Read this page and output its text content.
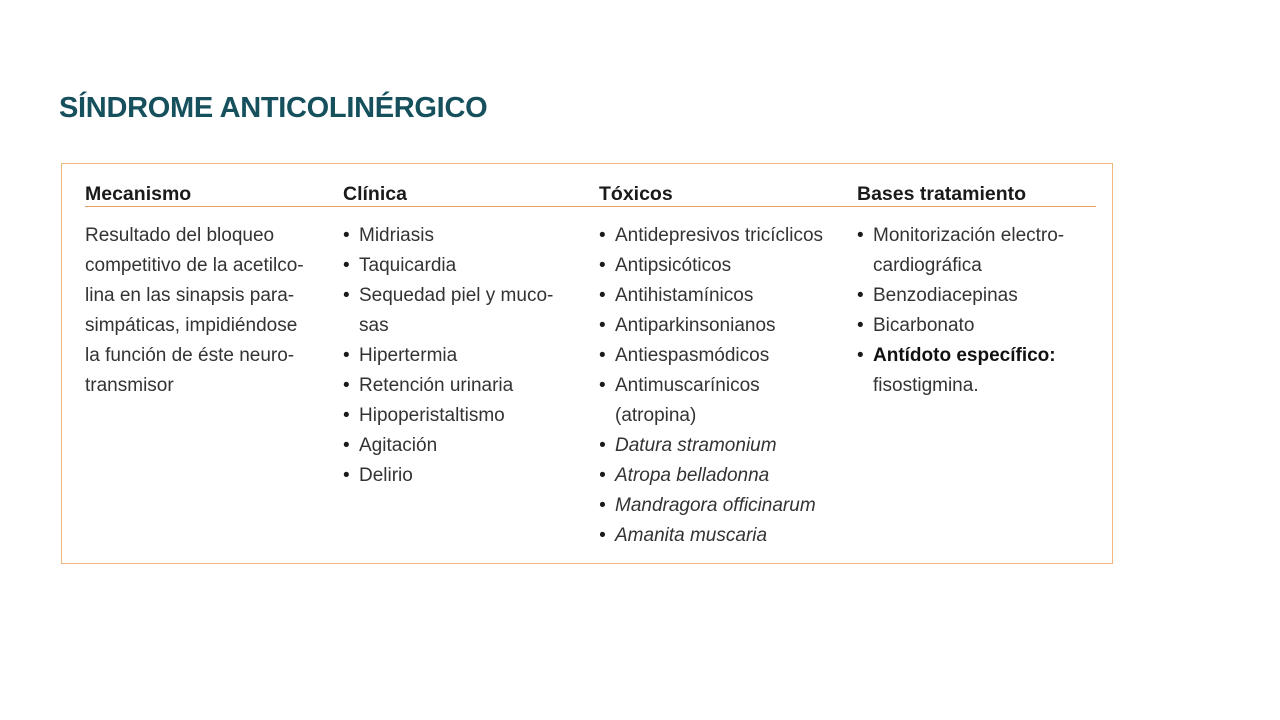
SÍNDROME ANTICOLINÉRGICO
Mecanismo
Resultado del bloqueo
competitivo de la acetilco-
lina en las sinapsis para-
simpáticas, impidiéndose
la función de éste neuro-
transmisor
Clínica
• Midriasis
• Taquicardia
• Sequedad piel y muco-
sas
• Hipertermia
• Retención urinaria
• Hipoperistaltismo
• Agitación
• Delirio
Tóxicos
• Antidepresivos tricíclicos
• Antipsicóticos
• Antihistamínicos
• Antiparkinsonianos
• Antiespasmódicos
• Antimuscarínicos
(atropina)
• Datura stramonium
• Atropa belladonna
• Mandragora officinarum
• Amanita muscaria
Bases tratamiento
• Monitorización electro-
cardiográfica
• Benzodiacepinas
• Bicarbonato
• Antídoto específico:
fisostigmina.
